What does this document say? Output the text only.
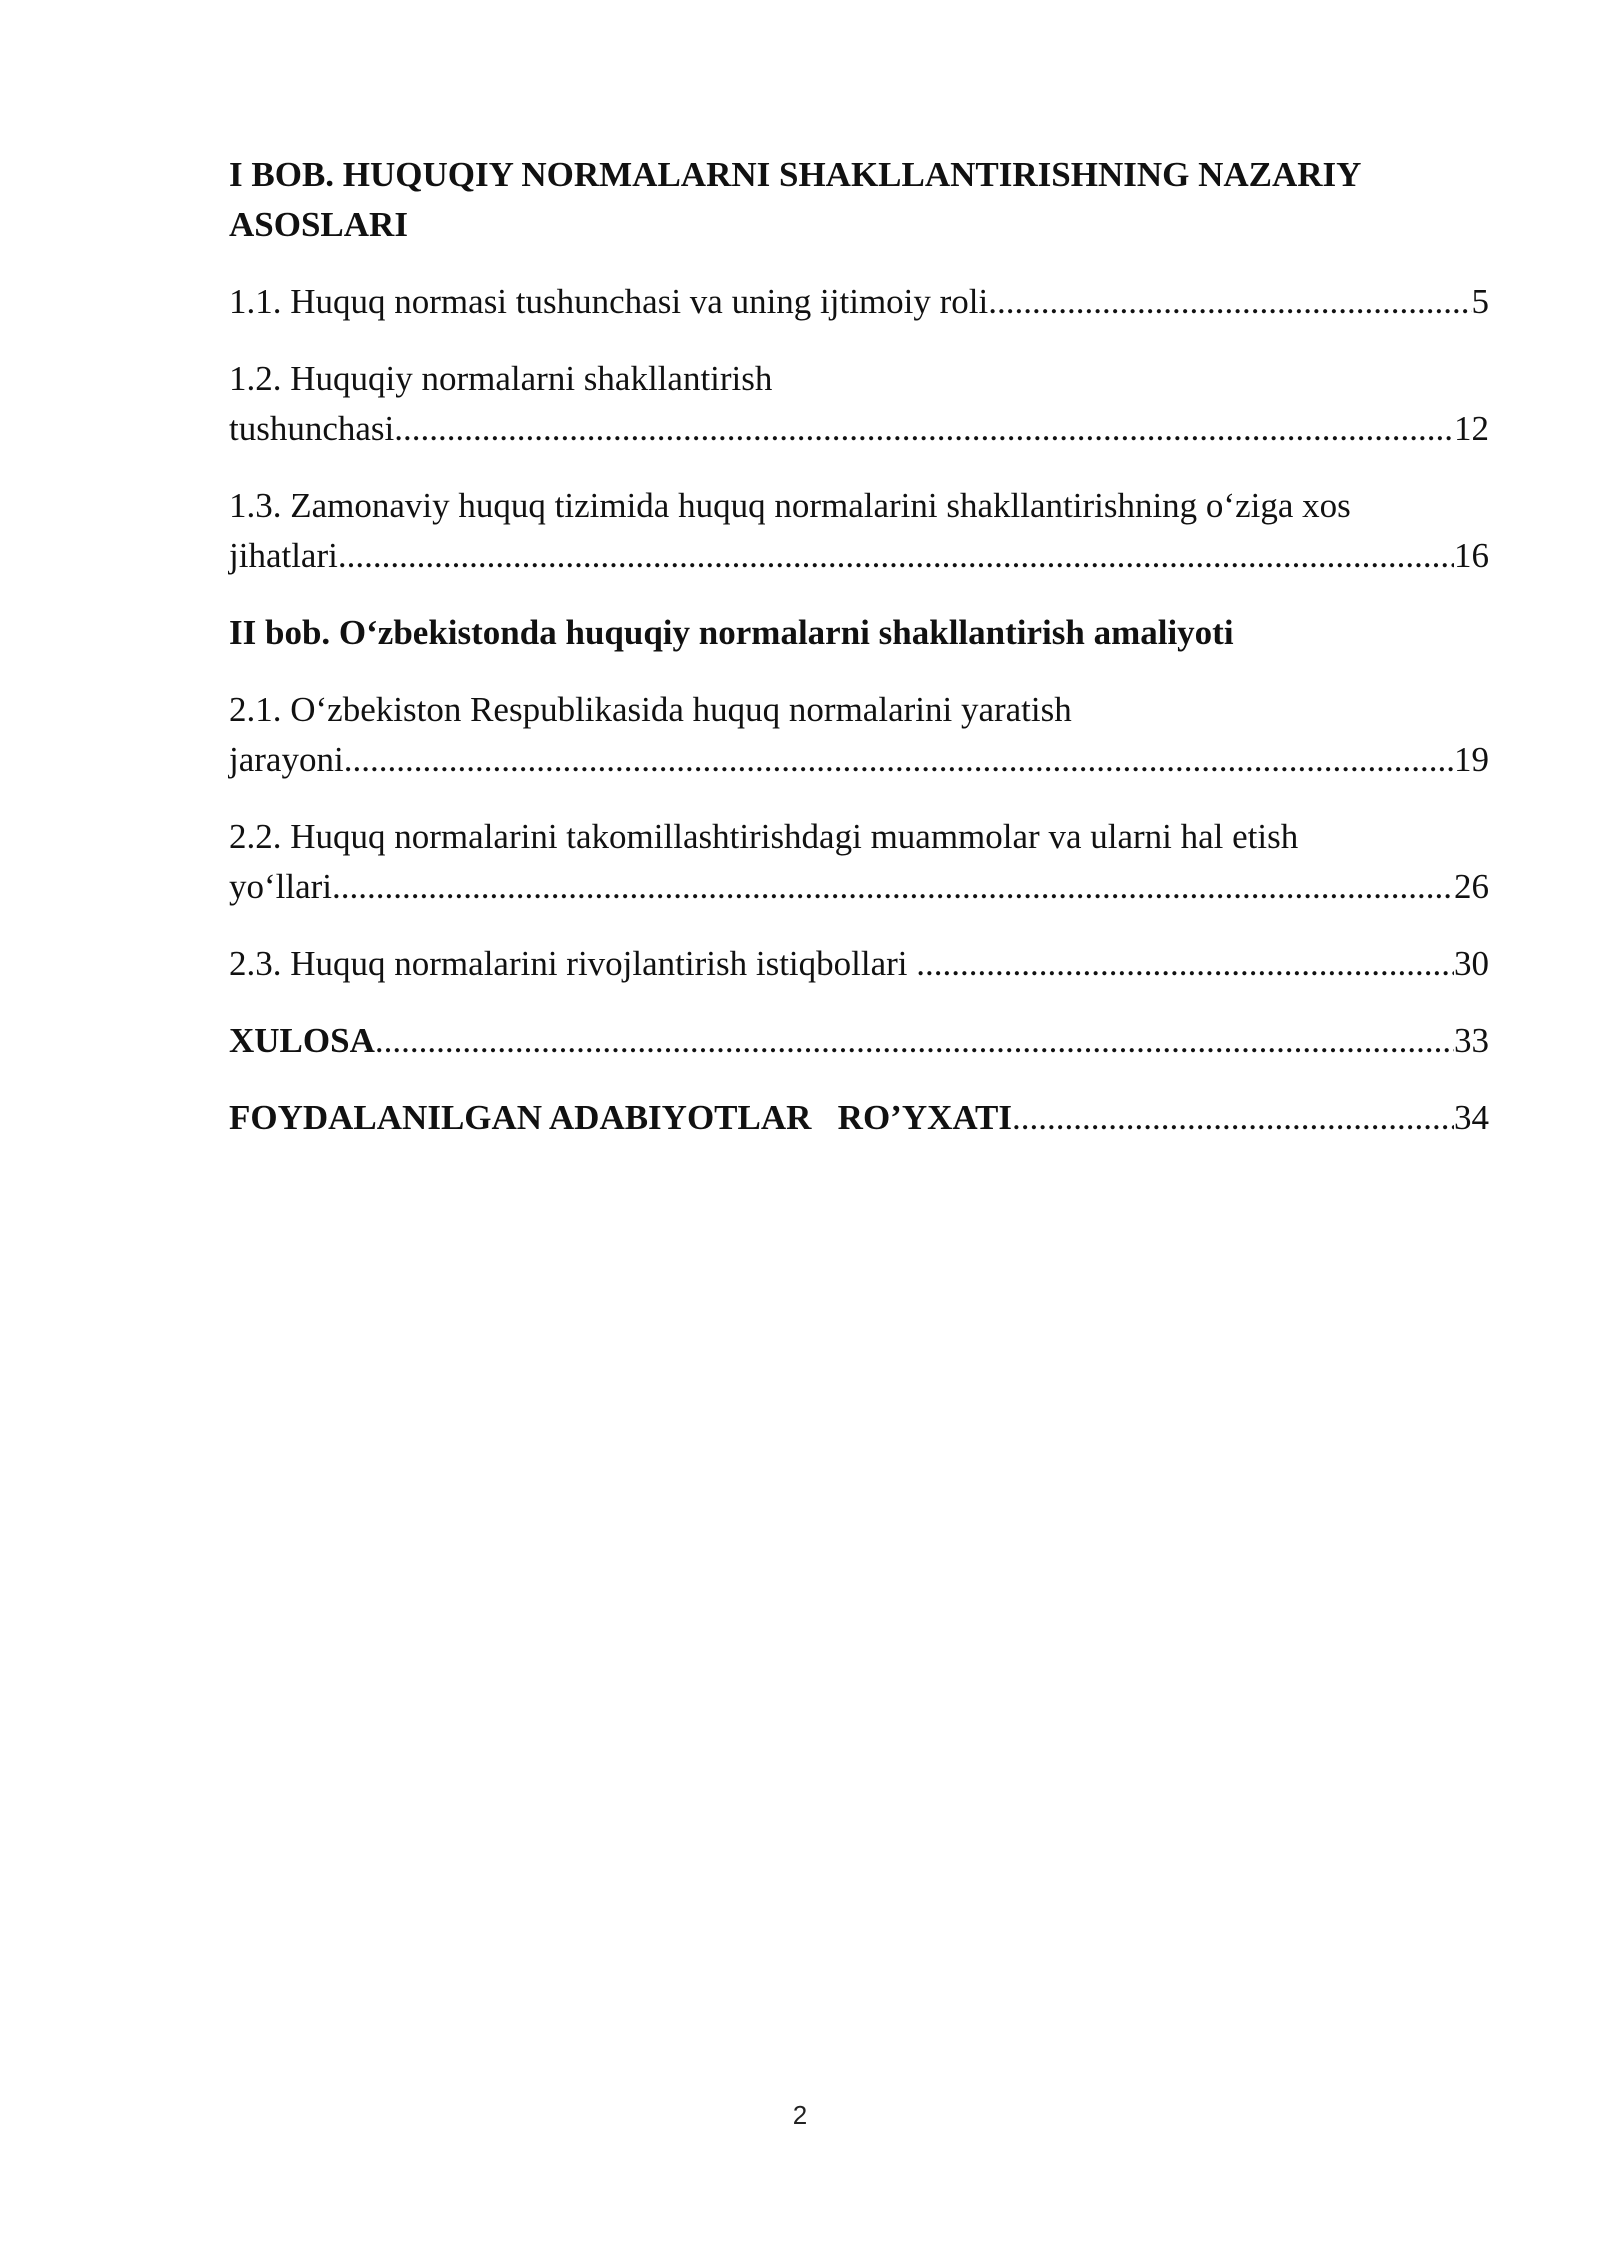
I BOB. HUQUQIY NORMALARNI SHAKLLANTIRISHNING NAZARIY
ASOSLARI
1.1. Huquq normasi tushunchasi va uning ijtimoiy roli .....	5
1.2. Huquqiy normalarni shakllantirish
tushunchasi .....	12
1.3. Zamonaviy huquq tizimida huquq normalarini shakllantirishning o‘ziga xos
jihatlari .....	16
II bob. O‘zbekistonda huquqiy normalarni shakllantirish amaliyoti
2.1. O‘zbekiston Respublikasida huquq normalarini yaratish
jarayoni .....	19
2.2. Huquq normalarini takomillashtirishdagi muammolar va ularni hal etish
yo‘llari .....	26
2.3. Huquq normalarini rivojlantirish istiqbollari .....	30
XULOSA .....	33
FOYDALANILGAN ADABIYOTLAR   RO’YXATI .....	34
2
